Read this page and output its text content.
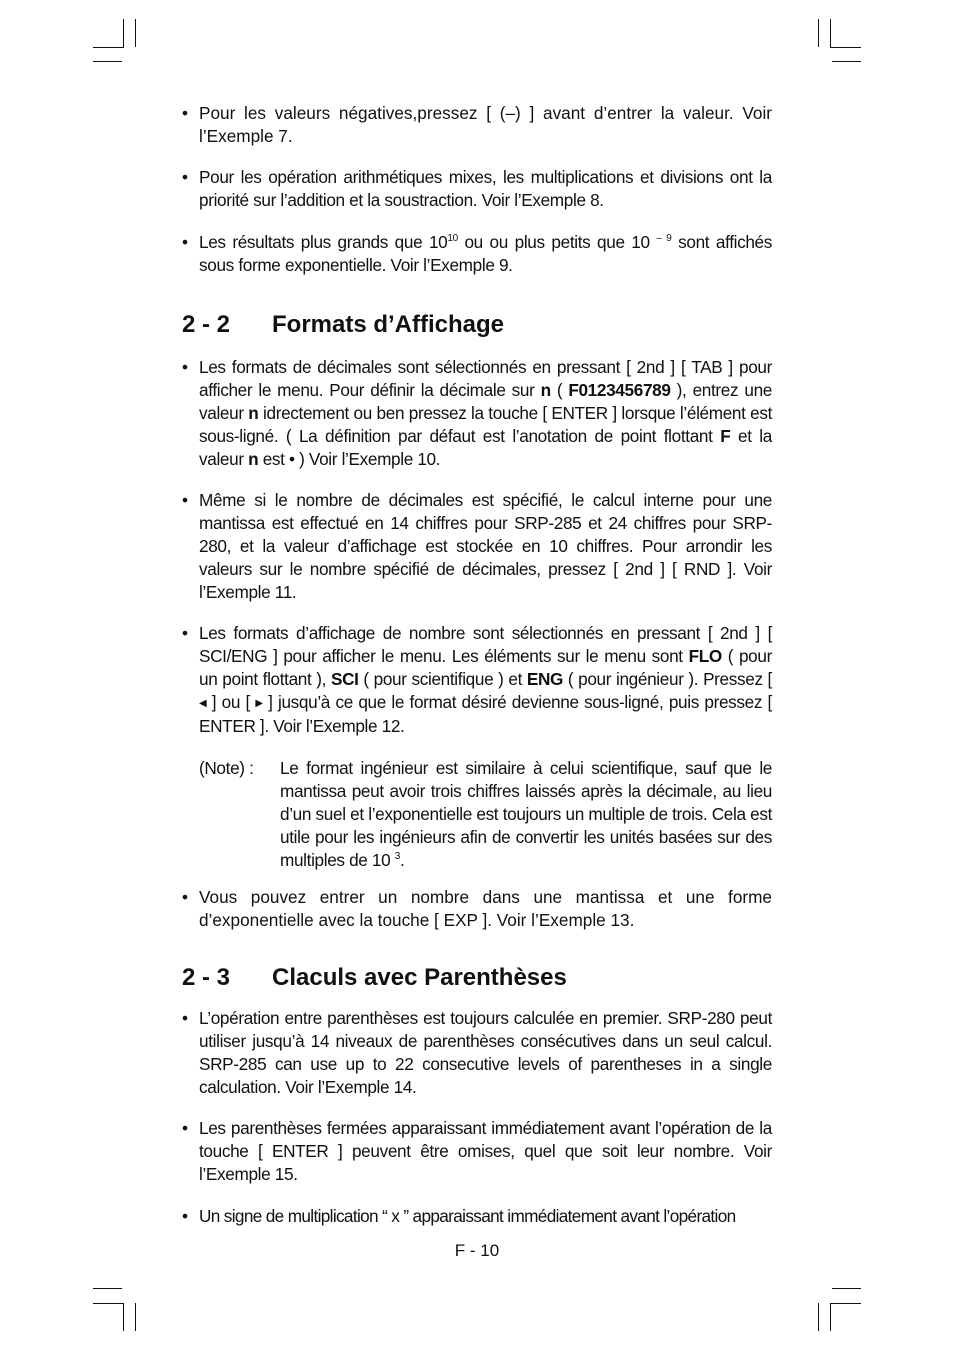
• Pour les valeurs négatives,pressez [ (–) ] avant d’entrer la valeur. Voir l’Exemple 7.

• Pour les opération arithmétiques mixes, les multiplications et divisions ont la priorité sur l’addition et la soustraction. Voir l’Exemple 8.

• Les résultats plus grands que $10^{10}$ ou ou plus petits que 10 $^{- 9}$ sont affichés sous forme exponentielle. Voir l’Exemple 9.

2 - 2 Formats d’Affichage

• Les formats de décimales sont sélectionnés en pressant [ 2nd ] [ TAB ] pour afficher le menu. Pour définir la décimale sur n ( F0123456789 ), entrez une valeur n idrectement ou ben pressez la touche [ ENTER ] lorsque l’élément est sous-ligné. ( La définition par défaut est l’anotation de point flottant F et la valeur n est • ) Voir l’Exemple 10.

• Même si le nombre de décimales est spécifié, le calcul interne pour une mantissa est effectué en 14 chiffres pour SRP-285 et 24 chiffres pour SRP-280, et la valeur d’affichage est stockée en 10 chiffres. Pour arrondir les valeurs sur le nombre spécifié de décimales, pressez [ 2nd ] [ RND ]. Voir l’Exemple 11.

• Les formats d’affichage de nombre sont sélectionnés en pressant [ 2nd ] [ SCI/ENG ] pour afficher le menu. Les éléments sur le menu sont FLO ( pour un point flottant ), SCI ( pour scientifique ) et ENG ( pour ingénieur ). Pressez [ ◀ ] ou [ ▶ ] jusqu’à ce que le format désiré devienne sous-ligné, puis pressez [ ENTER ]. Voir l’Exemple 12.

(Note) : Le format ingénieur est similaire à celui scientifique, sauf que le mantissa peut avoir trois chiffres laissés après la décimale, au lieu d’un suel et l’exponentielle est toujours un multiple de trois. Cela est utile pour les ingénieurs afin de convertir les unités basées sur des multiples de 10 $^3$.

• Vous pouvez entrer un nombre dans une mantissa et une forme d’exponentielle avec la touche [ EXP ]. Voir l’Exemple 13.

2 - 3 Claculs avec Parenthèses

• L’opération entre parenthèses est toujours calculée en premier. SRP-280 peut utiliser jusqu’à 14 niveaux de parenthèses consécutives dans un seul calcul. SRP-285 can use up to 22 consecutive levels of parentheses in a single calculation. Voir l’Exemple 14.

• Les parenthèses fermées apparaissant immédiatement avant l’opération de la touche [ ENTER ] peuvent être omises, quel que soit leur nombre. Voir l’Exemple 15.

• Un signe de multiplication “ x ” apparaissant immédiatement avant l’opération

F - 10
